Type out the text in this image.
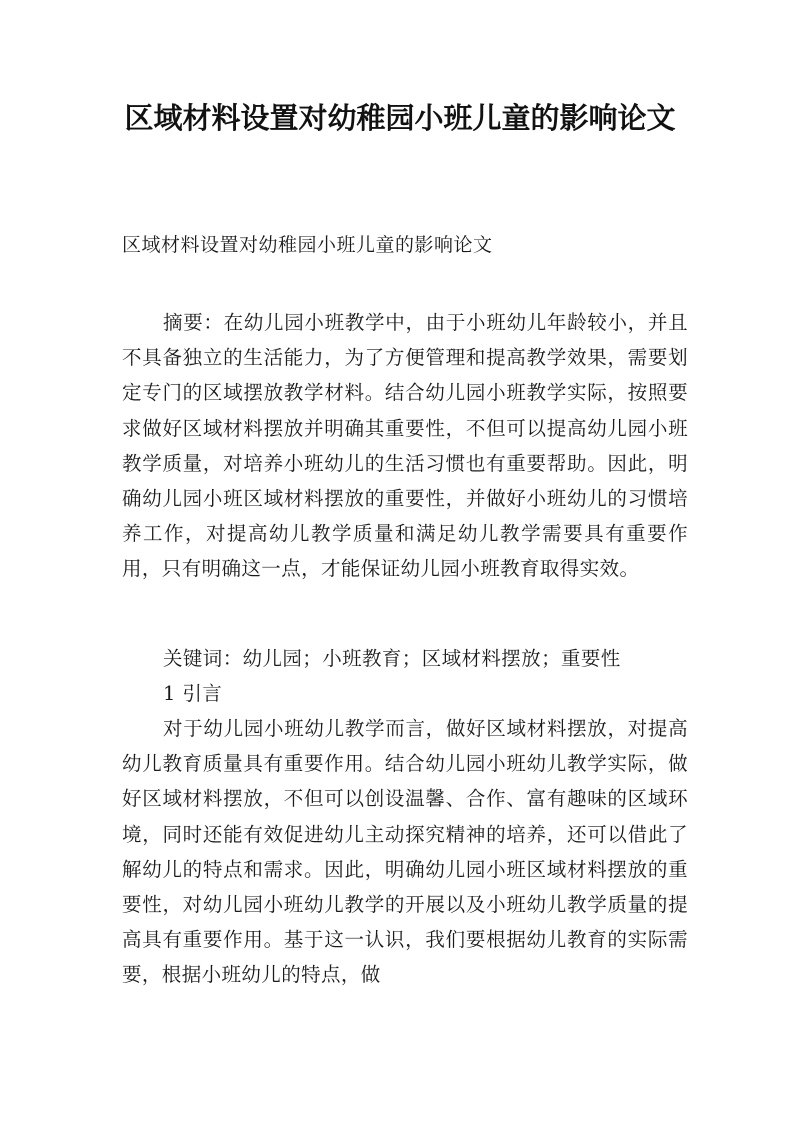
区域材料设置对幼稚园小班儿童的影响论文

区域材料设置对幼稚园小班儿童的影响论文

摘要：在幼儿园小班教学中，由于小班幼儿年龄较小，并且不具备独立的生活能力，为了方便管理和提高教学效果，需要划定专门的区域摆放教学材料。结合幼儿园小班教学实际，按照要求做好区域材料摆放并明确其重要性，不但可以提高幼儿园小班教学质量，对培养小班幼儿的生活习惯也有重要帮助。因此，明确幼儿园小班区域材料摆放的重要性，并做好小班幼儿的习惯培养工作，对提高幼儿教学质量和满足幼儿教学需要具有重要作用，只有明确这一点，才能保证幼儿园小班教育取得实效。

关键词：幼儿园；小班教育；区域材料摆放；重要性

1 引言

对于幼儿园小班幼儿教学而言，做好区域材料摆放，对提高幼儿教育质量具有重要作用。结合幼儿园小班幼儿教学实际，做好区域材料摆放，不但可以创设温馨、合作、富有趣味的区域环境，同时还能有效促进幼儿主动探究精神的培养，还可以借此了解幼儿的特点和需求。因此，明确幼儿园小班区域材料摆放的重要性，对幼儿园小班幼儿教学的开展以及小班幼儿教学质量的提高具有重要作用。基于这一认识，我们要根据幼儿教育的实际需要，根据小班幼儿的特点，做
